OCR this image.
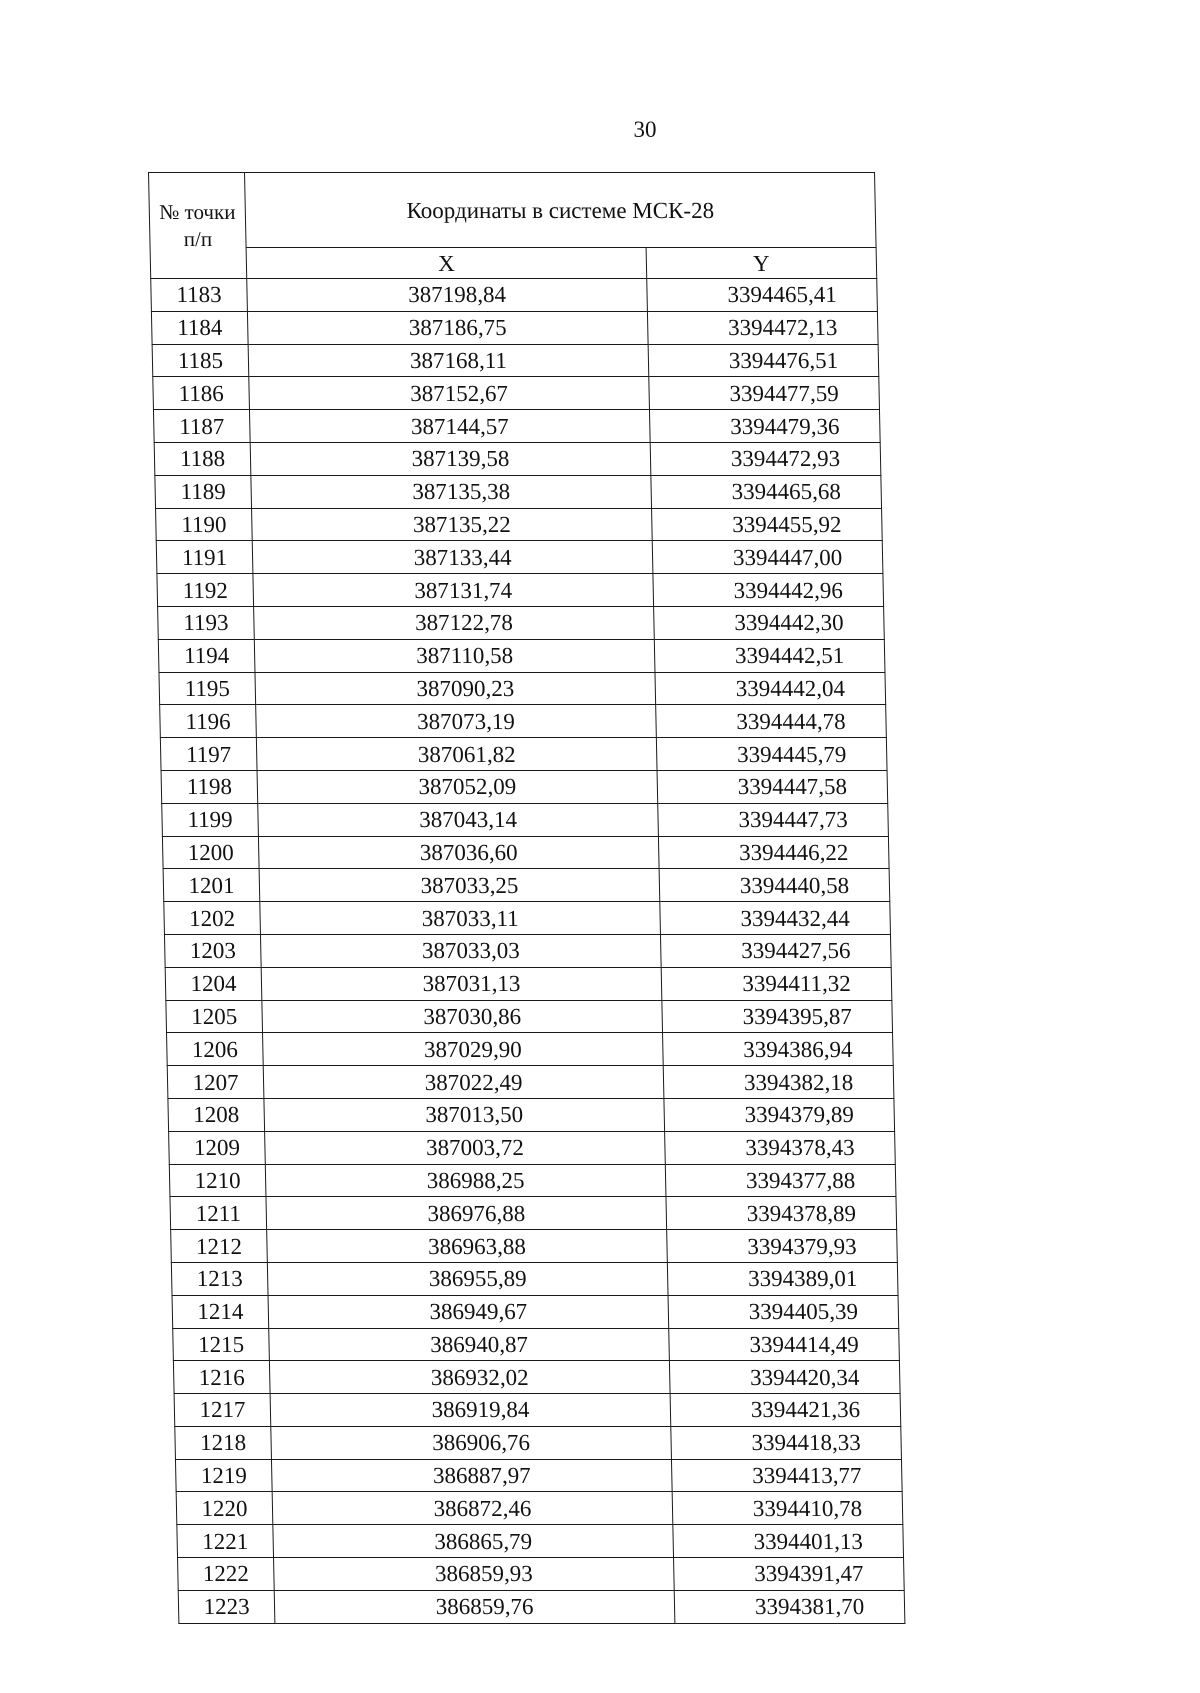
30
№ точки п/п	Координаты в системе МСК-28	
	X	Y
1183	387198,84	3394465,41
1184	387186,75	3394472,13
1185	387168,11	3394476,51
1186	387152,67	3394477,59
1187	387144,57	3394479,36
1188	387139,58	3394472,93
1189	387135,38	3394465,68
1190	387135,22	3394455,92
1191	387133,44	3394447,00
1192	387131,74	3394442,96
1193	387122,78	3394442,30
1194	387110,58	3394442,51
1195	387090,23	3394442,04
1196	387073,19	3394444,78
1197	387061,82	3394445,79
1198	387052,09	3394447,58
1199	387043,14	3394447,73
1200	387036,60	3394446,22
1201	387033,25	3394440,58
1202	387033,11	3394432,44
1203	387033,03	3394427,56
1204	387031,13	3394411,32
1205	387030,86	3394395,87
1206	387029,90	3394386,94
1207	387022,49	3394382,18
1208	387013,50	3394379,89
1209	387003,72	3394378,43
1210	386988,25	3394377,88
1211	386976,88	3394378,89
1212	386963,88	3394379,93
1213	386955,89	3394389,01
1214	386949,67	3394405,39
1215	386940,87	3394414,49
1216	386932,02	3394420,34
1217	386919,84	3394421,36
1218	386906,76	3394418,33
1219	386887,97	3394413,77
1220	386872,46	3394410,78
1221	386865,79	3394401,13
1222	386859,93	3394391,47
1223	386859,76	3394381,70
